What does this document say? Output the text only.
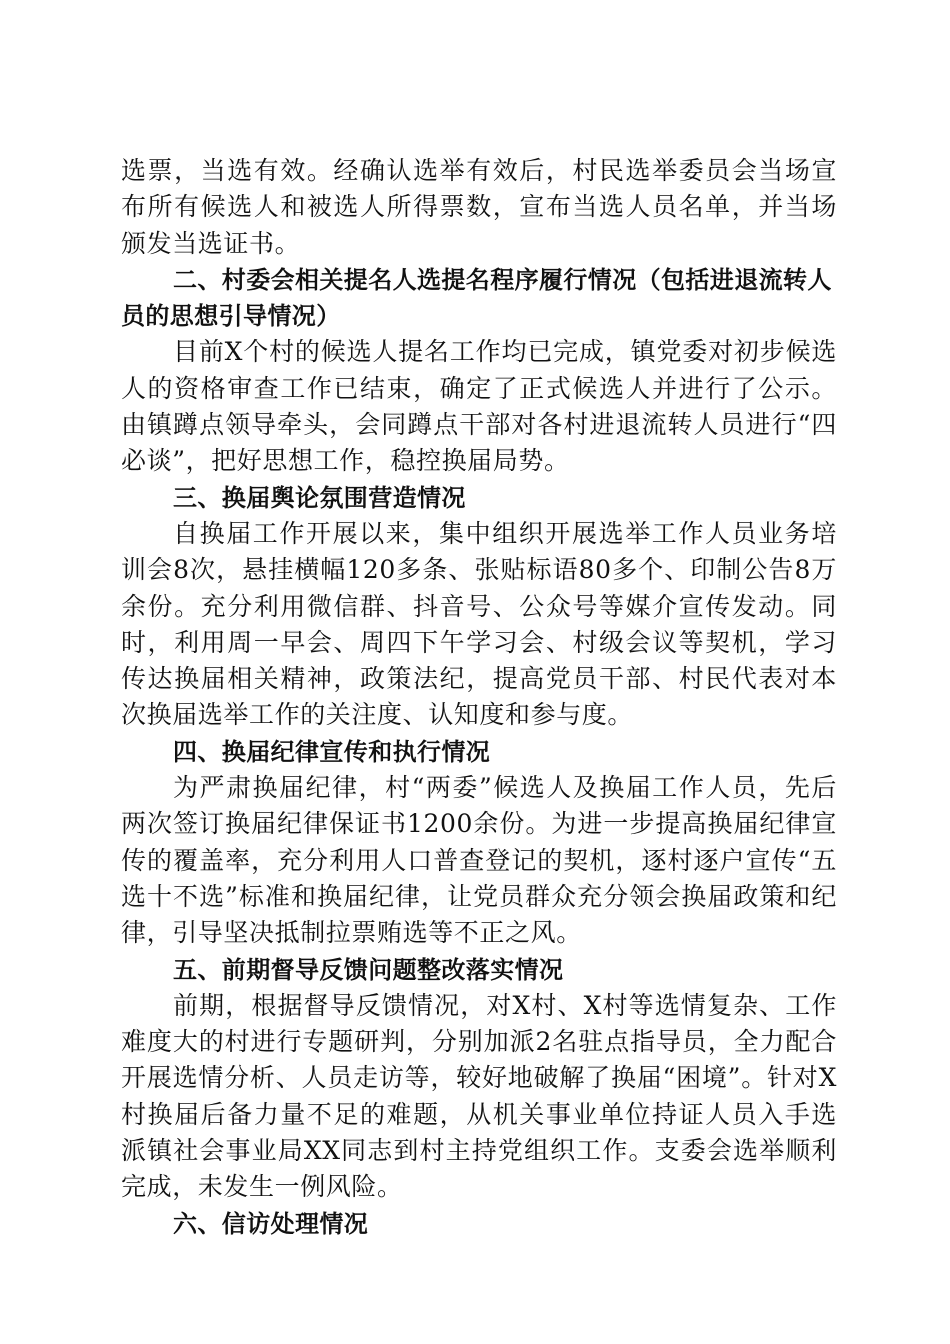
选票，当选有效。经确认选举有效后，村民选举委员会当场宣布所有候选人和被选人所得票数，宣布当选人员名单，并当场颁发当选证书。

二、村委会相关提名人选提名程序履行情况（包括进退流转人员的思想引导情况）

目前X个村的候选人提名工作均已完成，镇党委对初步候选人的资格审查工作已结束，确定了正式候选人并进行了公示。由镇蹲点领导牵头，会同蹲点干部对各村进退流转人员进行“四必谈”，把好思想工作，稳控换届局势。

三、换届舆论氛围营造情况

自换届工作开展以来，集中组织开展选举工作人员业务培训会8次，悬挂横幅120多条、张贴标语80多个、印制公告8万余份。充分利用微信群、抖音号、公众号等媒介宣传发动。同时，利用周一早会、周四下午学习会、村级会议等契机，学习传达换届相关精神，政策法纪，提高党员干部、村民代表对本次换届选举工作的关注度、认知度和参与度。

四、换届纪律宣传和执行情况

为严肃换届纪律，村“两委”候选人及换届工作人员，先后两次签订换届纪律保证书1200余份。为进一步提高换届纪律宣传的覆盖率，充分利用人口普查登记的契机，逐村逐户宣传“五选十不选”标准和换届纪律，让党员群众充分领会换届政策和纪律，引导坚决抵制拉票贿选等不正之风。

五、前期督导反馈问题整改落实情况

前期，根据督导反馈情况，对X村、X村等选情复杂、工作难度大的村进行专题研判，分别加派2名驻点指导员，全力配合开展选情分析、人员走访等，较好地破解了换届“困境”。针对X村换届后备力量不足的难题，从机关事业单位持证人员入手选派镇社会事业局XX同志到村主持党组织工作。支委会选举顺利完成，未发生一例风险。

六、信访处理情况
